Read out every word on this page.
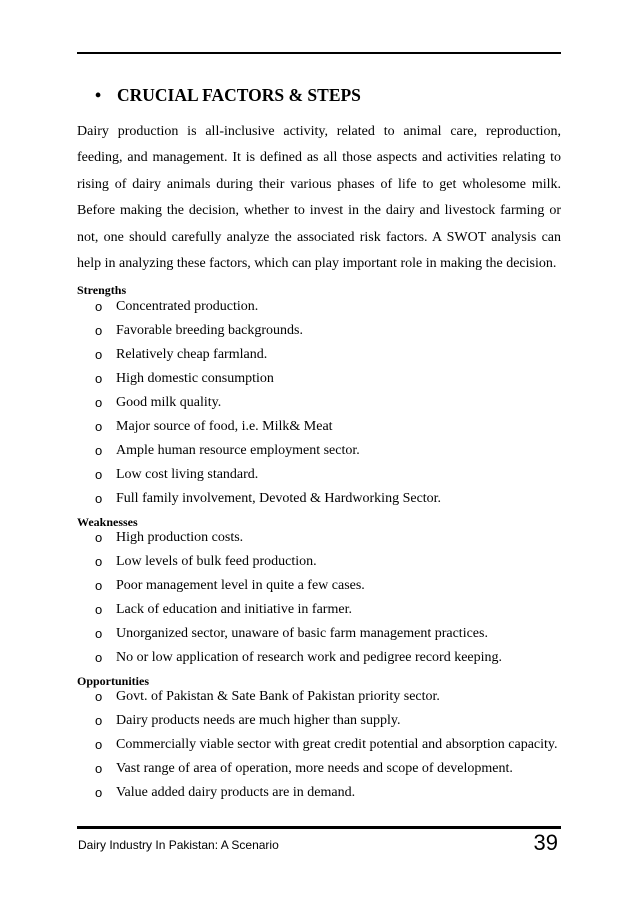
• CRUCIAL FACTORS & STEPS

Dairy production is all-inclusive activity, related to animal care, reproduction, feeding, and management. It is defined as all those aspects and activities relating to rising of dairy animals during their various phases of life to get wholesome milk. Before making the decision, whether to invest in the dairy and livestock farming or not, one should carefully analyze the associated risk factors. A SWOT analysis can help in analyzing these factors, which can play important role in making the decision.

Strengths
o Concentrated production.
o Favorable breeding backgrounds.
o Relatively cheap farmland.
o High domestic consumption
o Good milk quality.
o Major source of food, i.e. Milk& Meat
o Ample human resource employment sector.
o Low cost living standard.
o Full family involvement, Devoted & Hardworking Sector.
Weaknesses
o High production costs.
o Low levels of bulk feed production.
o Poor management level in quite a few cases.
o Lack of education and initiative in farmer.
o Unorganized sector, unaware of basic farm management practices.
o No or low application of research work and pedigree record keeping.
Opportunities
o Govt. of Pakistan & Sate Bank of Pakistan priority sector.
o Dairy products needs are much higher than supply.
o Commercially viable sector with great credit potential and absorption capacity.
o Vast range of area of operation, more needs and scope of development.
o Value added dairy products are in demand.
Dairy Industry In Pakistan: A Scenario	39
